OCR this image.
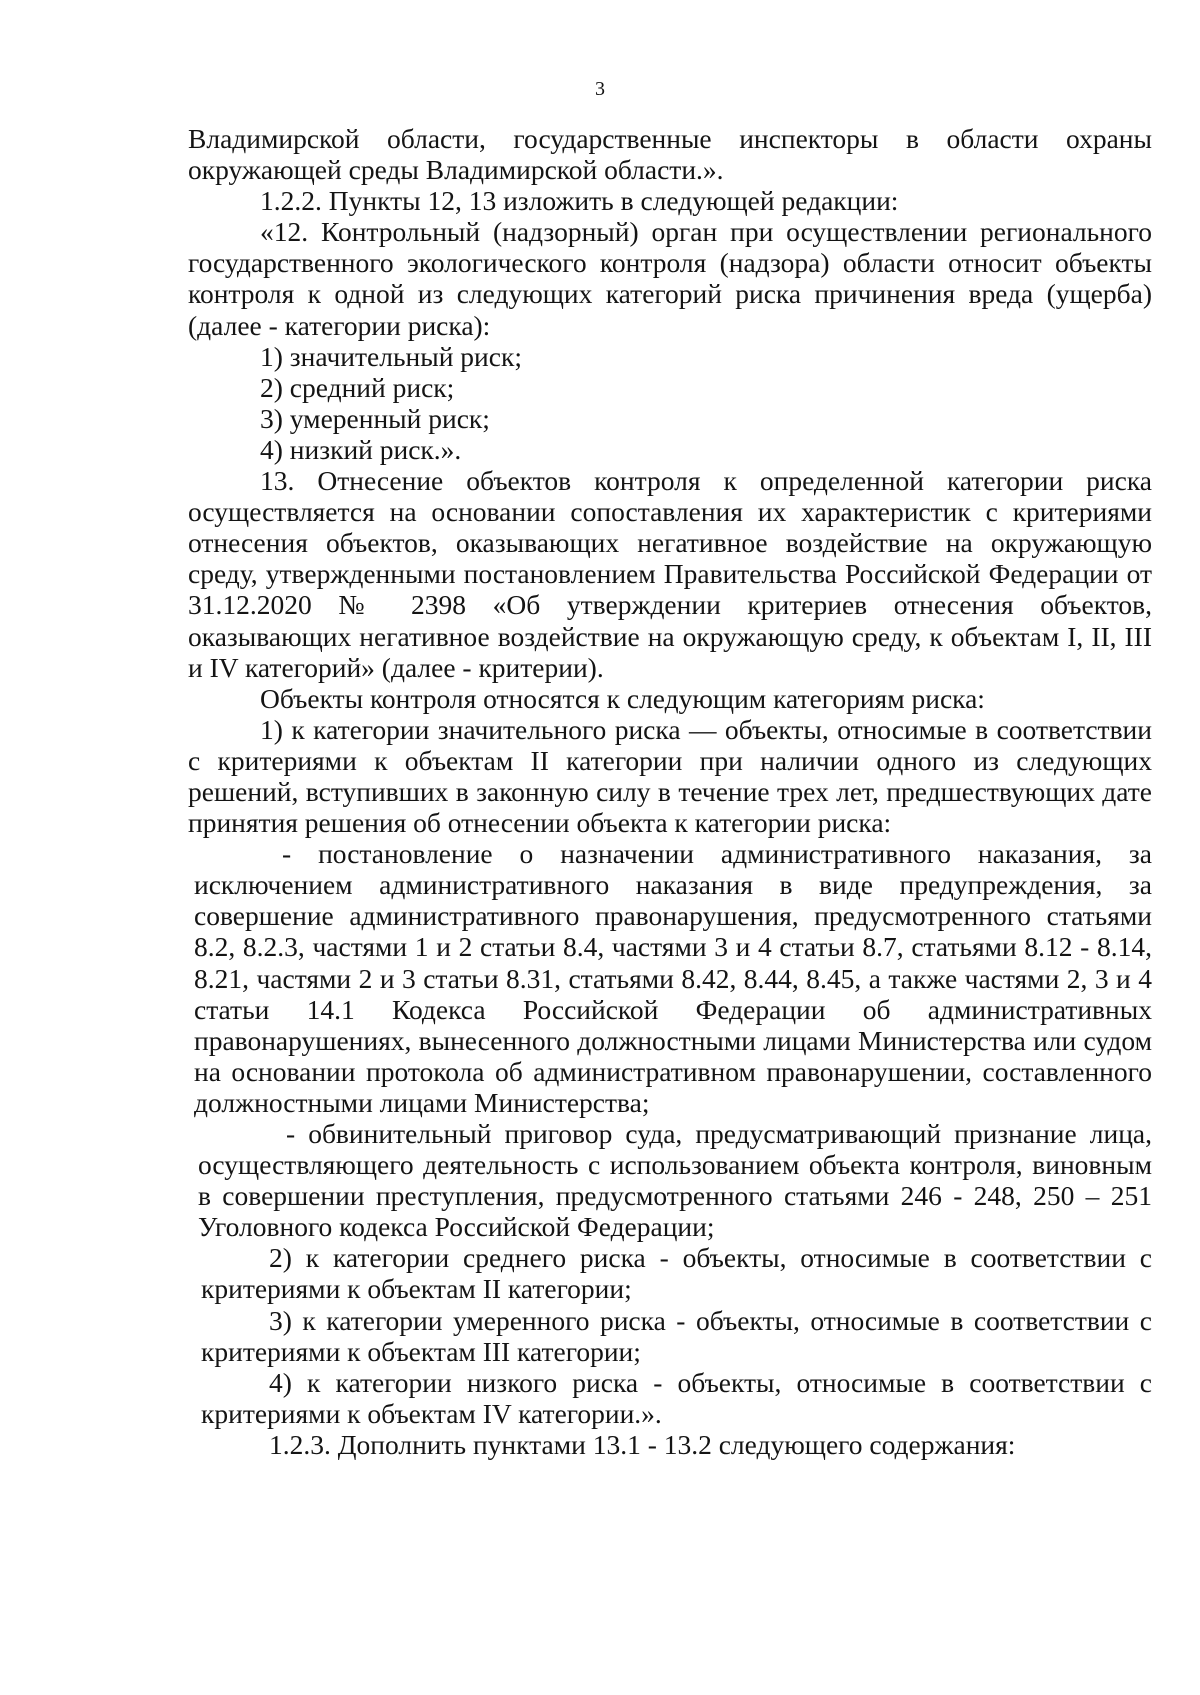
3

Владимирской области, государственные инспекторы в области охраны окружающей среды Владимирской области.».

1.2.2. Пункты 12, 13 изложить в следующей редакции:

«12. Контрольный (надзорный) орган при осуществлении регионального государственного экологического контроля (надзора) области относит объекты контроля к одной из следующих категорий риска причинения вреда (ущерба) (далее - категории риска):

1) значительный риск;

2) средний риск;

3) умеренный риск;

4) низкий риск.».

13. Отнесение объектов контроля к определенной категории риска осуществляется на основании сопоставления их характеристик с критериями отнесения объектов, оказывающих негативное воздействие на окружающую среду, утвержденными постановлением Правительства Российской Федерации от 31.12.2020 № 2398 «Об утверждении критериев отнесения объектов, оказывающих негативное воздействие на окружающую среду, к объектам I, II, III и IV категорий» (далее - критерии).

Объекты контроля относятся к следующим категориям риска:

1) к категории значительного риска — объекты, относимые в соответствии с критериями к объектам II категории при наличии одного из следующих решений, вступивших в законную силу в течение трех лет, предшествующих дате принятия решения об отнесении объекта к категории риска:

- постановление о назначении административного наказания, за исключением административного наказания в виде предупреждения, за совершение административного правонарушения, предусмотренного статьями 8.2, 8.2.3, частями 1 и 2 статьи 8.4, частями 3 и 4 статьи 8.7, статьями 8.12 - 8.14, 8.21, частями 2 и 3 статьи 8.31, статьями 8.42, 8.44, 8.45, а также частями 2, 3 и 4 статьи 14.1 Кодекса Российской Федерации об административных правонарушениях, вынесенного должностными лицами Министерства или судом на основании протокола об административном правонарушении, составленного должностными лицами Министерства;

- обвинительный приговор суда, предусматривающий признание лица, осуществляющего деятельность с использованием объекта контроля, виновным в совершении преступления, предусмотренного статьями 246 - 248, 250 – 251 Уголовного кодекса Российской Федерации;

2) к категории среднего риска - объекты, относимые в соответствии с критериями к объектам II категории;

3) к категории умеренного риска - объекты, относимые в соответствии с критериями к объектам III категории;

4) к категории низкого риска - объекты, относимые в соответствии с критериями к объектам IV категории.».

1.2.3. Дополнить пунктами 13.1 - 13.2 следующего содержания:
